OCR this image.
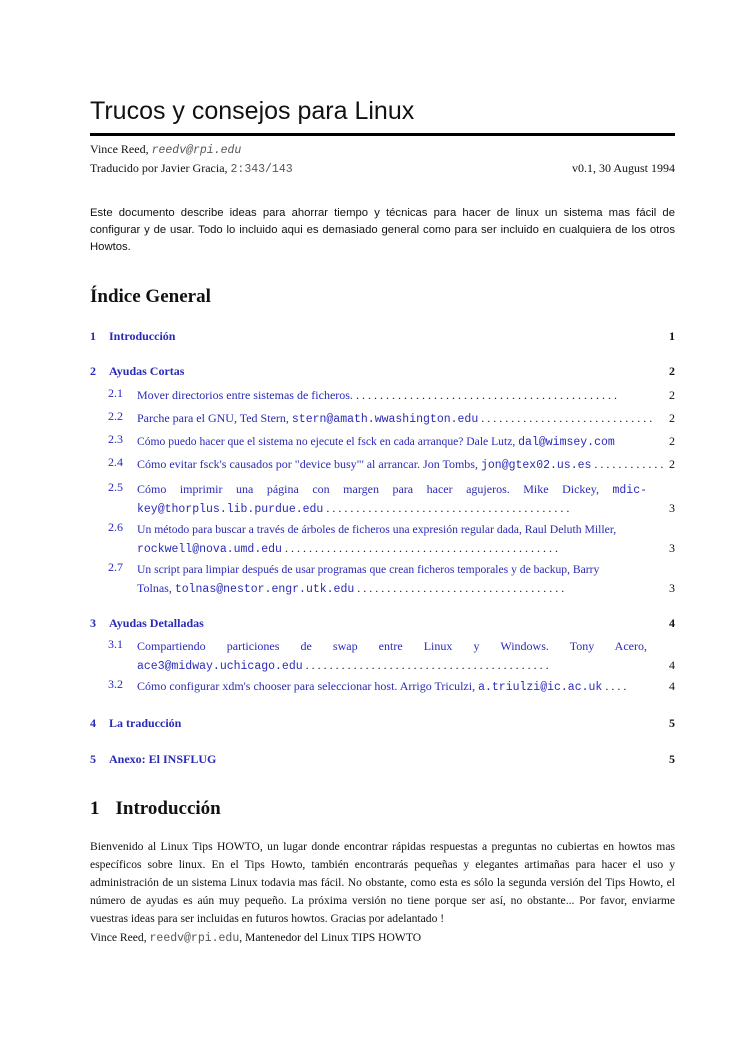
Trucos y consejos para Linux
Vince Reed, reedv@rpi.edu
Traducido por Javier Gracia, 2:343/143	v0.1, 30 August 1994

Este documento describe ideas para ahorrar tiempo y técnicas para hacer de linux un sistema mas fácil de configurar y de usar. Todo lo incluido aqui es demasiado general como para ser incluido en cualquiera de los otros Howtos.

Índice General
1 Introducción	1
2 Ayudas Cortas	2
2.1 Mover directorios entre sistemas de ficheros. . . . . . . . . . . . . . . . . . . . . . . . . . . . . . . . . . . . . . . . . . . . .	2
2.2 Parche para el GNU, Ted Stern, stern@amath.wwashington.edu . . . . . . . . . . . . . . . . . . . . . . . . . . . . . 2
2.3 Cómo puedo hacer que el sistema no ejecute el fsck en cada arranque? Dale Lutz, dal@wimsey.com	2
2.4 Cómo evitar fsck's causados por "device busy"' al arrancar. Jon Tombs, jon@gtex02.us.es . . . . . . . . . . . . 2
2.5 Cómo imprimir una página con margen para hacer agujeros. Mike Dickey, mdic-
key@thorplus.lib.purdue.edu . . . . . . . . . . . . . . . . . . . . . . . . . . . . . . . . . . . . . . . . .	3
2.6 Un método para buscar a través de árboles de ficheros una expresión regular dada, Raul Deluth Miller,
rockwell@nova.umd.edu . . . . . . . . . . . . . . . . . . . . . . . . . . . . . . . . . . . . . . . . . . . . . .	3
2.7 Un script para limpiar después de usar programas que crean ficheros temporales y de backup, Barry
Tolnas, tolnas@nestor.engr.utk.edu . . . . . . . . . . . . . . . . . . . . . . . . . . . . . . . . . . .	3
3 Ayudas Detalladas	4
3.1 Compartiendo particiones de swap entre Linux y Windows. Tony Acero,
ace3@midway.uchicago.edu . . . . . . . . . . . . . . . . . . . . . . . . . . . . . . . . . . . . . . . . .	4
3.2 Cómo configurar xdm's chooser para seleccionar host. Arrigo Triculzi, a.triulzi@ic.ac.uk . . . .	4
4 La traducción	5
5 Anexo: El INSFLUG	5
1 Introducción

Bienvenido al Linux Tips HOWTO, un lugar donde encontrar rápidas respuestas a preguntas no cubiertas en howtos mas específicos sobre linux. En el Tips Howto, también encontrarás pequeñas y elegantes artimañas para hacer el uso y administración de un sistema Linux todavia mas fácil. No obstante, como esta es sólo la segunda versión del Tips Howto, el número de ayudas es aún muy pequeño. La próxima versión no tiene porque ser así, no obstante... Por favor, enviarme vuestras ideas para ser incluidas en futuros howtos. Gracias por adelantado !

Vince Reed, reedv@rpi.edu, Mantenedor del Linux TIPS HOWTO
